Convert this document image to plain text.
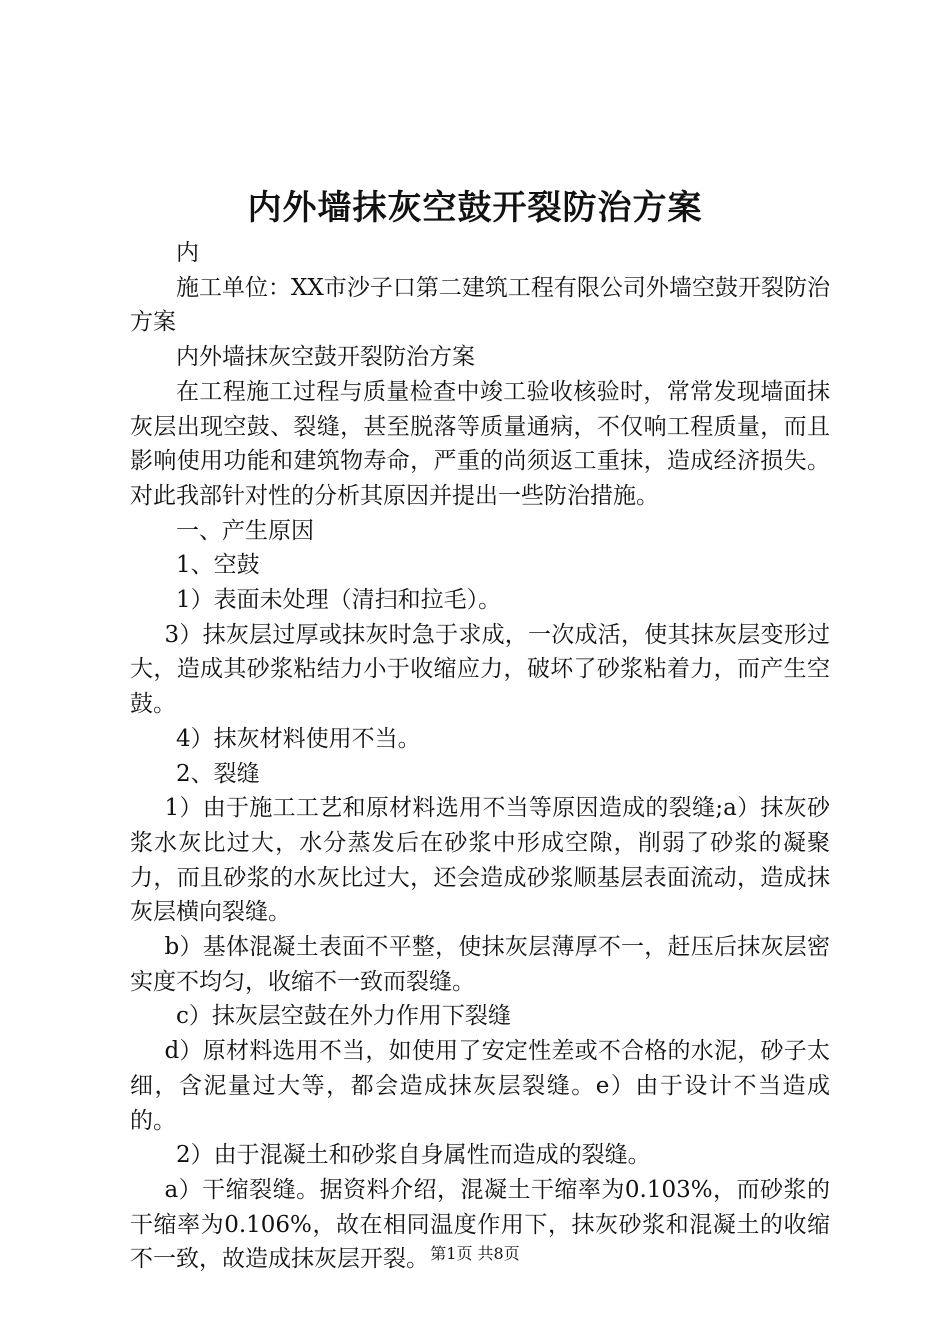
内外墙抹灰空鼓开裂防治方案

内

施工单位：XX市沙子口第二建筑工程有限公司外墙空鼓开裂防治方案

内外墙抹灰空鼓开裂防治方案

在工程施工过程与质量检查中竣工验收核验时，常常发现墙面抹灰层出现空鼓、裂缝，甚至脱落等质量通病，不仅响工程质量，而且影响使用功能和建筑物寿命，严重的尚须返工重抹，造成经济损失。对此我部针对性的分析其原因并提出一些防治措施。

一、产生原因

1、空鼓

1）表面未处理（清扫和拉毛）。

3）抹灰层过厚或抹灰时急于求成，一次成活，使其抹灰层变形过大，造成其砂浆粘结力小于收缩应力，破坏了砂浆粘着力，而产生空鼓。

4）抹灰材料使用不当。

2、裂缝

1）由于施工工艺和原材料选用不当等原因造成的裂缝;a）抹灰砂浆水灰比过大，水分蒸发后在砂浆中形成空隙，削弱了砂浆的凝聚力，而且砂浆的水灰比过大，还会造成砂浆顺基层表面流动，造成抹灰层横向裂缝。

b）基体混凝土表面不平整，使抹灰层薄厚不一，赶压后抹灰层密实度不均匀，收缩不一致而裂缝。

c）抹灰层空鼓在外力作用下裂缝

d）原材料选用不当，如使用了安定性差或不合格的水泥，砂子太细，含泥量过大等，都会造成抹灰层裂缝。e）由于设计不当造成的。

2）由于混凝土和砂浆自身属性而造成的裂缝。

a）干缩裂缝。据资料介绍，混凝土干缩率为0.103%，而砂浆的干缩率为0.106%，故在相同温度作用下，抹灰砂浆和混凝土的收缩不一致，故造成抹灰层开裂。 第1页 共8页
